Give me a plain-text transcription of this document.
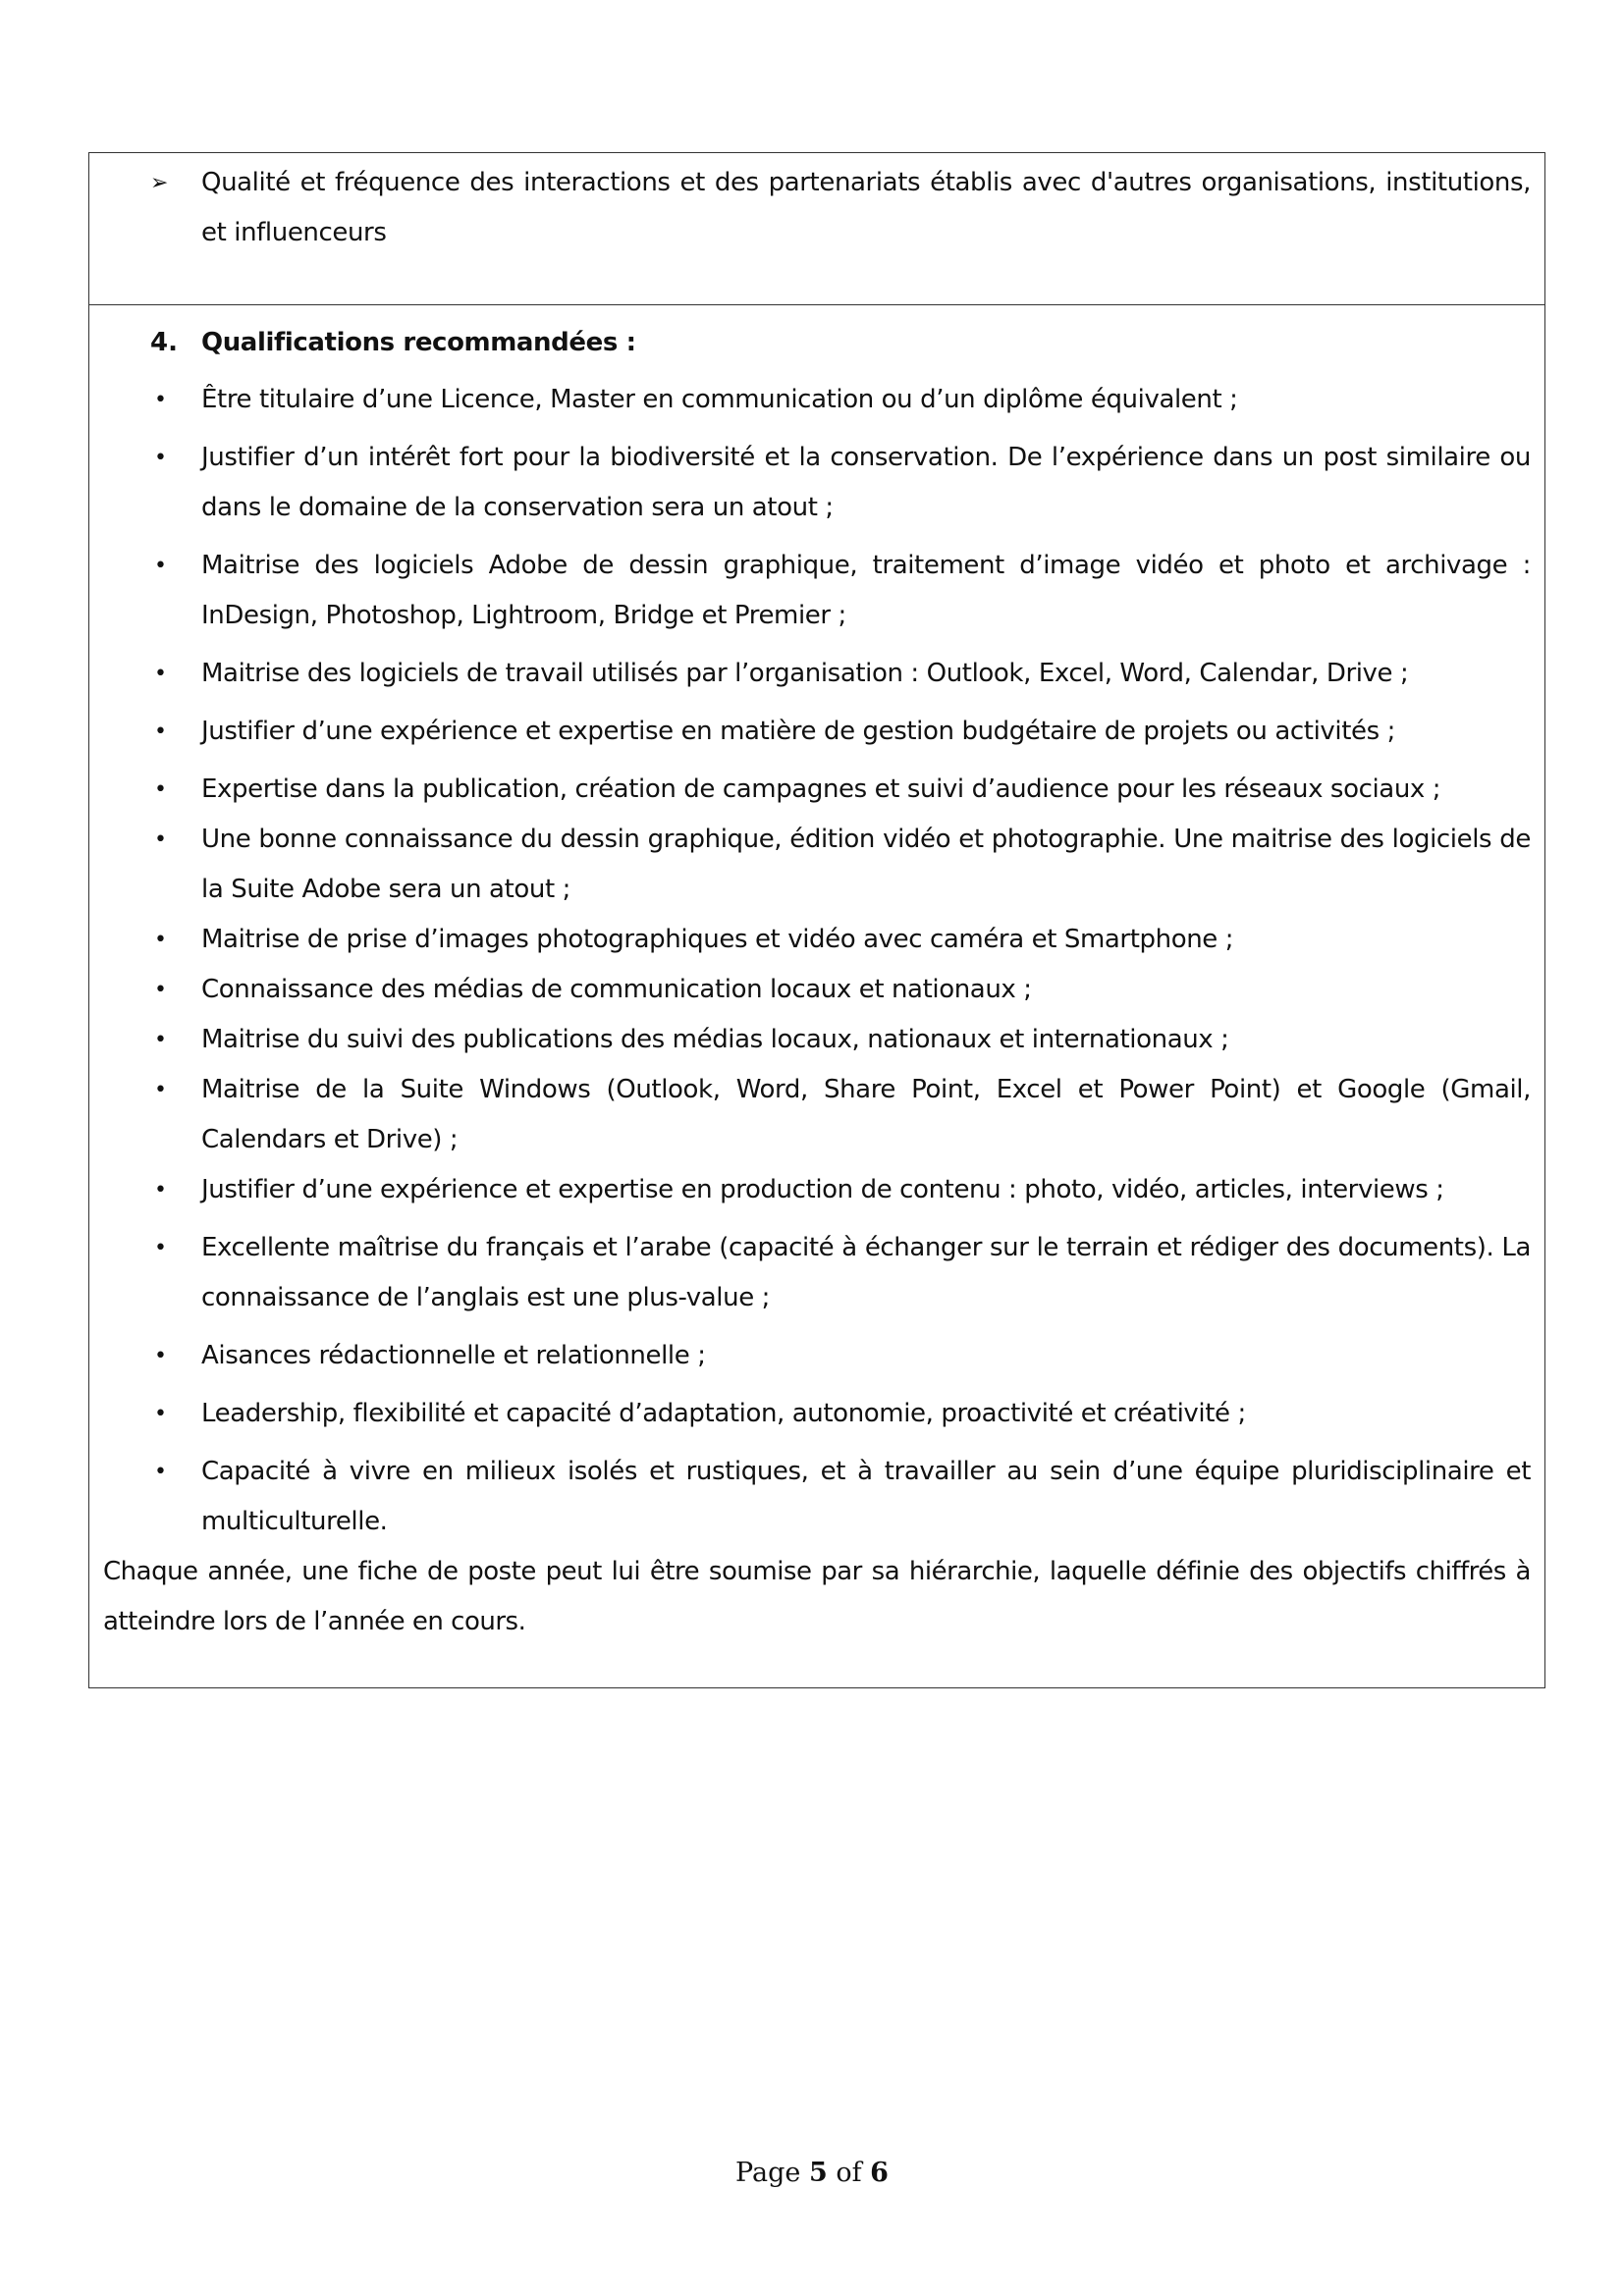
➢	Qualité et fréquence des interactions et des partenariats établis avec d'autres organisations, institutions, et influenceurs
4. Qualifications recommandées :
•	Être titulaire d’une Licence, Master en communication ou d’un diplôme équivalent ;
•	Justifier d’un intérêt fort pour la biodiversité et la conservation. De l’expérience dans un post similaire ou dans le domaine de la conservation sera un atout ;
•	Maitrise des logiciels Adobe de dessin graphique, traitement d’image vidéo et photo et archivage : InDesign, Photoshop, Lightroom, Bridge et Premier ;
•	Maitrise des logiciels de travail utilisés par l’organisation : Outlook, Excel, Word, Calendar, Drive ;
•	Justifier d’une expérience et expertise en matière de gestion budgétaire de projets ou activités ;
•	Expertise dans la publication, création de campagnes et suivi d’audience pour les réseaux sociaux ;
•	Une bonne connaissance du dessin graphique, édition vidéo et photographie. Une maitrise des logiciels de la Suite Adobe sera un atout ;
•	Maitrise de prise d’images photographiques et vidéo avec caméra et Smartphone ;
•	Connaissance des médias de communication locaux et nationaux ;
•	Maitrise du suivi des publications des médias locaux, nationaux et internationaux ;
•	Maitrise de la Suite Windows (Outlook, Word, Share Point, Excel et Power Point) et Google (Gmail, Calendars et Drive) ;
•	Justifier d’une expérience et expertise en production de contenu : photo, vidéo, articles, interviews ;
•	Excellente maîtrise du français et l’arabe (capacité à échanger sur le terrain et rédiger des documents). La connaissance de l’anglais est une plus-value ;
•	Aisances rédactionnelle et relationnelle ;
•	Leadership, flexibilité et capacité d’adaptation, autonomie, proactivité et créativité ;
•	Capacité à vivre en milieux isolés et rustiques, et à travailler au sein d’une équipe pluridisciplinaire et multiculturelle.

Chaque année, une fiche de poste peut lui être soumise par sa hiérarchie, laquelle définie des objectifs chiffrés à atteindre lors de l’année en cours.

Page 5 of 6
